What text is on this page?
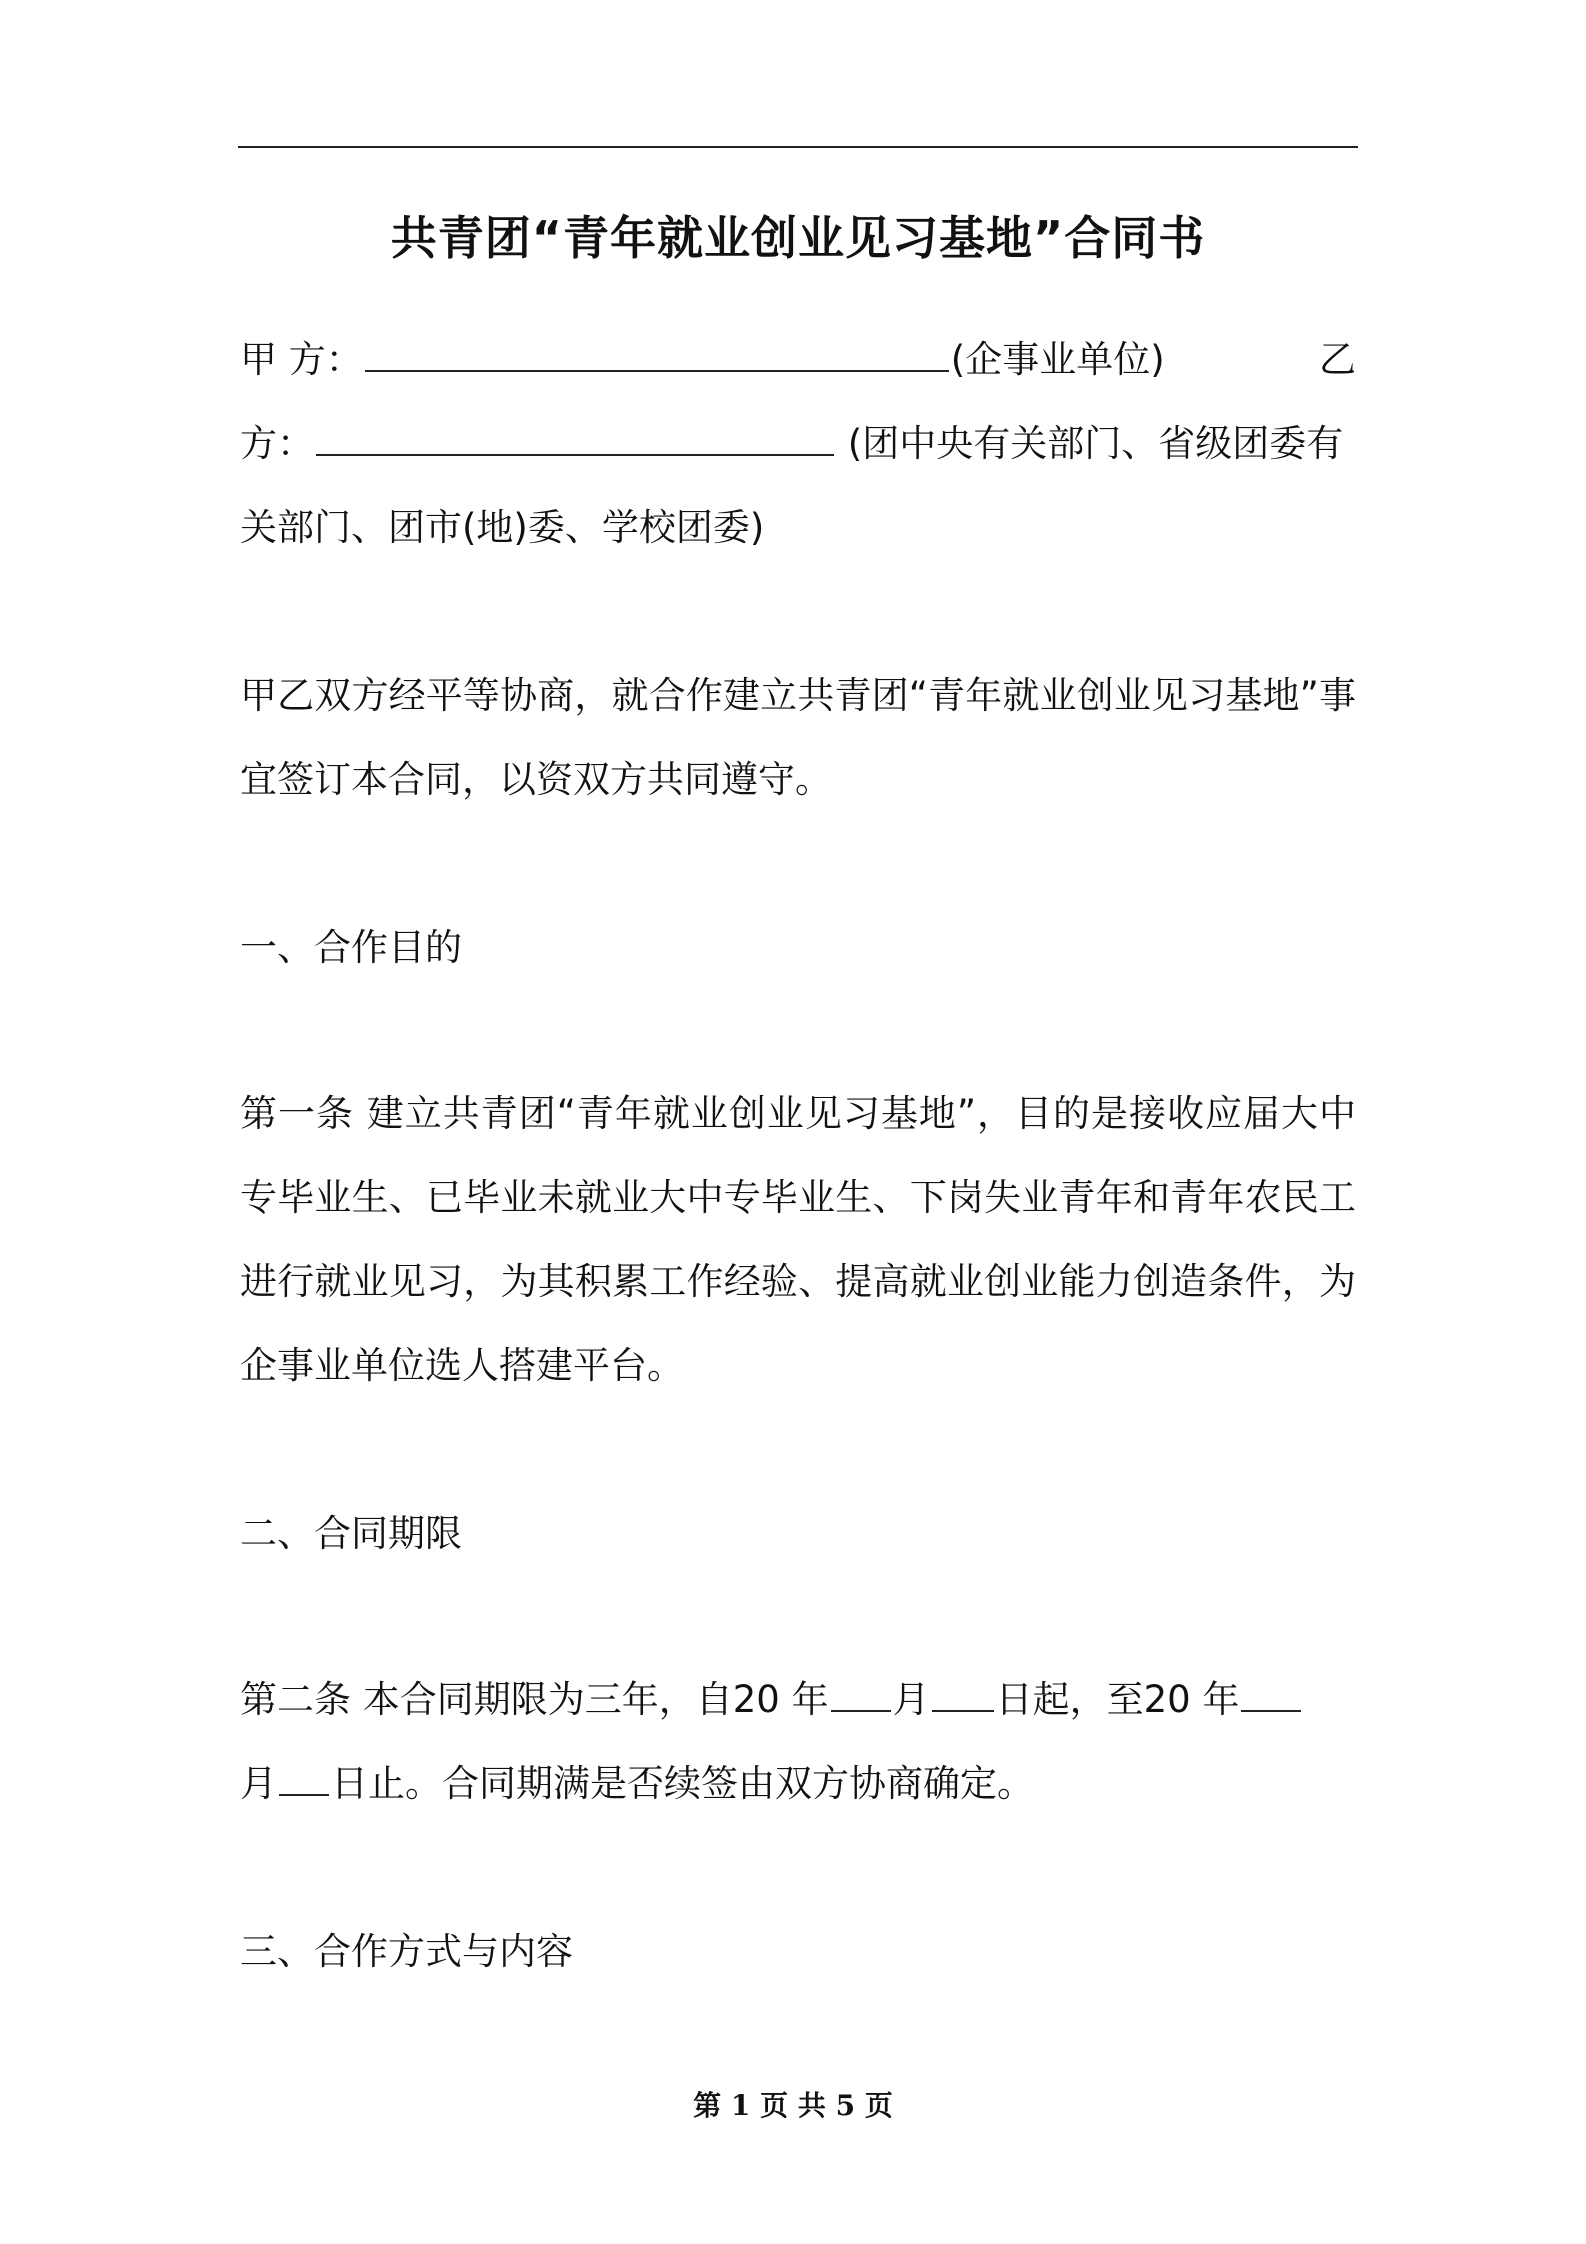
共青团“青年就业创业见习基地”合同书
甲 方：	(企事业单位)	乙
方：	(团中央有关部门、省级团委有
关部门、团市(地)委、学校团委)
甲乙双方经平等协商，就合作建立共青团“青年就业创业见习基地”事宜签订本合同，以资双方共同遵守。
一、合作目的
第一条 建立共青团“青年就业创业见习基地”，目的是接收应届大中专毕业生、已毕业未就业大中专毕业生、下岗失业青年和青年农民工进行就业见习，为其积累工作经验、提高就业创业能力创造条件，为企事业单位选人搭建平台。
二、合同期限
第二条 本合同期限为三年，自20 年 月 日起，至20 年
月 日止。合同期满是否续签由双方协商确定。
三、合作方式与内容
第 1 页 共 5 页
